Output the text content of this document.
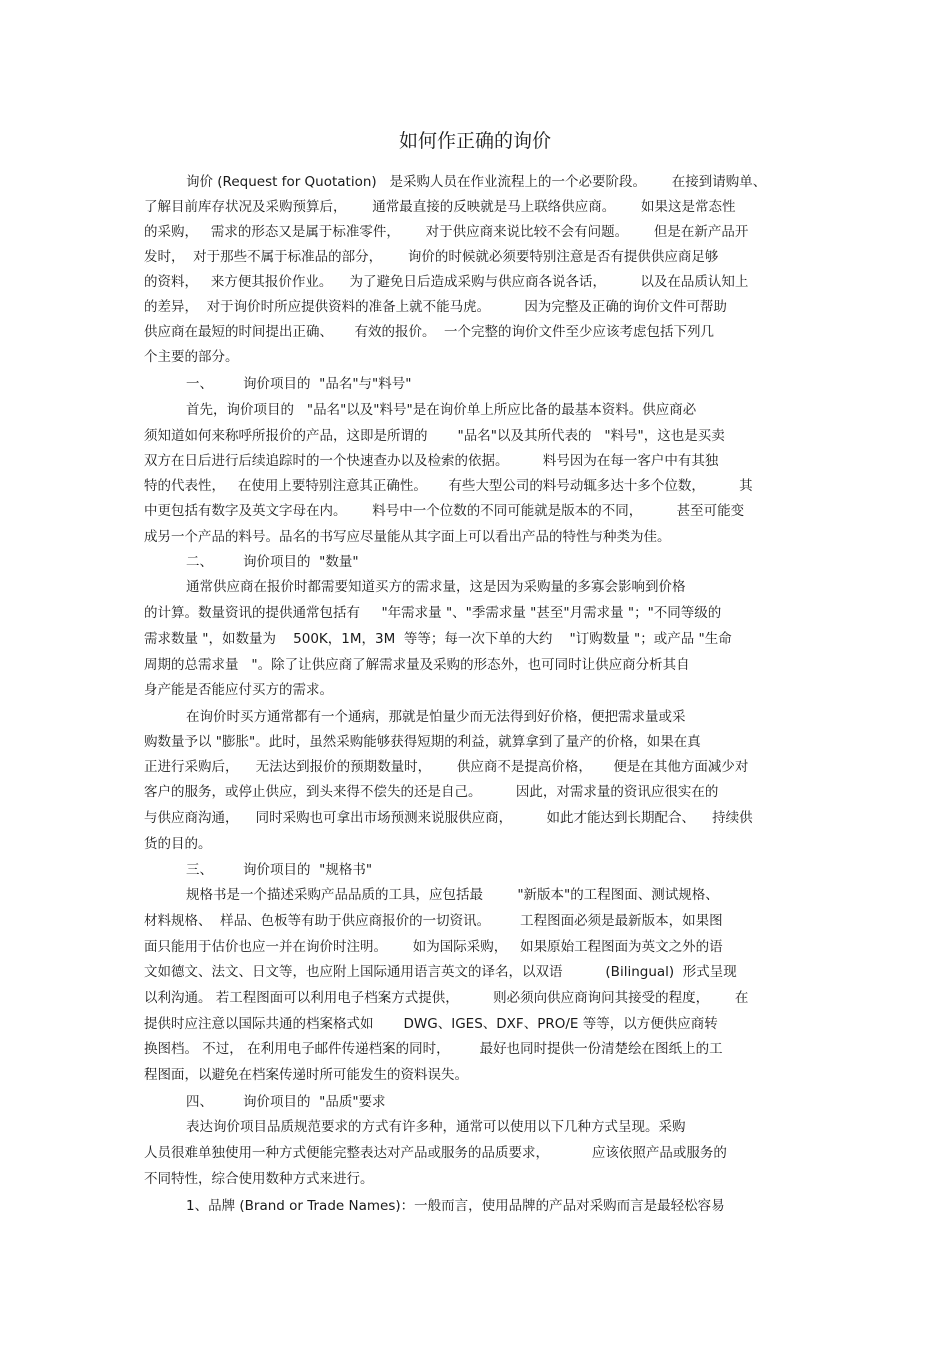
如何作正确的询价
询价 (Request for Quotation)   是采购人员在作业流程上的一个必要阶段。      在接到请购单、
了解目前库存状况及采购预算后，      通常最直接的反映就是马上联络供应商。      如果这是常态性
的采购，   需求的形态又是属于标准零件，      对于供应商来说比较不会有问题。      但是在新产品开
发时，  对于那些不属于标准品的部分，      询价的时候就必须要特别注意是否有提供供应商足够
的资料，   来方便其报价作业。    为了避免日后造成采购与供应商各说各话，        以及在品质认知上
的差异，  对于询价时所应提供资料的准备上就不能马虎。        因为完整及正确的询价文件可帮助
供应商在最短的时间提出正确、     有效的报价。  一个完整的询价文件至少应该考虑包括下列几
个主要的部分。
一、       询价项目的  "品名"与"料号"
首先，询价项目的   "品名"以及"料号"是在询价单上所应比备的最基本资料。供应商必
须知道如何来称呼所报价的产品，这即是所谓的       "品名"以及其所代表的   "料号"，这也是买卖
双方在日后进行后续追踪时的一个快速查办以及检索的依据。        料号因为在每一客户中有其独
特的代表性，   在使用上要特别注意其正确性。     有些大型公司的料号动辄多达十多个位数，        其
中更包括有数字及英文字母在内。      料号中一个位数的不同可能就是版本的不同，        甚至可能变
成另一个产品的料号。品名的书写应尽量能从其字面上可以看出产品的特性与种类为佳。
二、       询价项目的  "数量"
通常供应商在报价时都需要知道买方的需求量，这是因为采购量的多寡会影响到价格
的计算。数量资讯的提供通常包括有     "年需求量 "、"季需求量 "甚至"月需求量 "；"不同等级的
需求数量 "，如数量为    500K，1M，3M  等等；每一次下单的大约    "订购数量 "；或产品 "生命
周期的总需求量   "。除了让供应商了解需求量及采购的形态外，也可同时让供应商分析其自
身产能是否能应付买方的需求。
在询价时买方通常都有一个通病，那就是怕量少而无法得到好价格，便把需求量或采
购数量予以 "膨胀"。此时，虽然采购能够获得短期的利益，就算拿到了量产的价格，如果在真
正进行采购后，    无法达到报价的预期数量时，      供应商不是提高价格，     便是在其他方面减少对
客户的服务，或停止供应，到头来得不偿失的还是自己。        因此，对需求量的资讯应很实在的
与供应商沟通，    同时采购也可拿出市场预测来说服供应商，        如此才能达到长期配合、    持续供
货的目的。
三、       询价项目的  "规格书"
规格书是一个描述采购产品品质的工具，应包括最        "新版本"的工程图面、测试规格、
材料规格、  样品、色板等有助于供应商报价的一切资讯。       工程图面必须是最新版本，如果图
面只能用于估价也应一并在询价时注明。      如为国际采购，   如果原始工程图面为英文之外的语
文如德文、法文、日文等，也应附上国际通用语言英文的译名，以双语          (Bilingual)  形式呈现
以利沟通。 若工程图面可以利用电子档案方式提供，        则必须向供应商询问其接受的程度，      在
提供时应注意以国际共通的档案格式如       DWG、IGES、DXF、PRO/E 等等，以方便供应商转
换图档。 不过， 在利用电子邮件传递档案的同时，       最好也同时提供一份清楚绘在图纸上的工
程图面，以避免在档案传递时所可能发生的资料误失。
四、       询价项目的  "品质"要求
表达询价项目品质规范要求的方式有许多种，通常可以使用以下几种方式呈现。采购
人员很难单独使用一种方式便能完整表达对产品或服务的品质要求，          应该依照产品或服务的
不同特性，综合使用数种方式来进行。
1、品牌 (Brand or Trade Names)：一般而言，使用品牌的产品对采购而言是最轻松容易
